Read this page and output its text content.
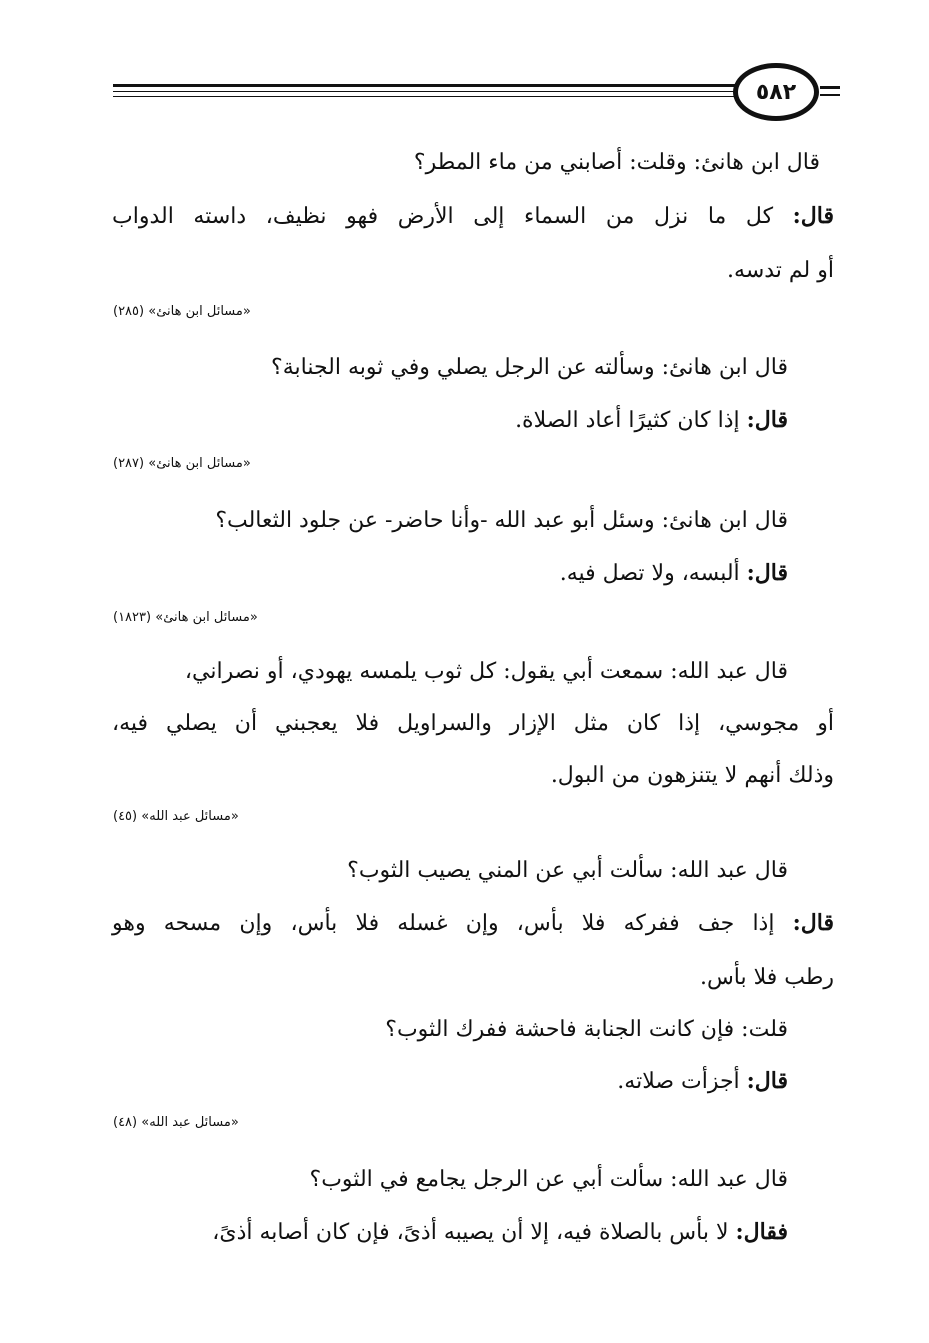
٥٨٢
قال ابن هانئ: وقلت: أصابني من ماء المطر؟
قال: كل ما نزل من السماء إلى الأرض فهو نظيف، داسته الدواب
أو لم تدسه.
«مسائل ابن هانئ» (٢٨٥)
قال ابن هانئ: وسألته عن الرجل يصلي وفي ثوبه الجنابة؟
قال: إذا كان كثيرًا أعاد الصلاة.
«مسائل ابن هانئ» (٢٨٧)
قال ابن هانئ: وسئل أبو عبد الله -وأنا حاضر- عن جلود الثعالب؟
قال: ألبسه، ولا تصل فيه.
«مسائل ابن هانئ» (١٨٢٣)
قال عبد الله: سمعت أبي يقول: كل ثوب يلمسه يهودي، أو نصراني،
أو مجوسي، إذا كان مثل الإزار والسراويل فلا يعجبني أن يصلي فيه،
وذلك أنهم لا يتنزهون من البول.
«مسائل عبد الله» (٤٥)
قال عبد الله: سألت أبي عن المني يصيب الثوب؟
قال: إذا جف ففركه فلا بأس، وإن غسله فلا بأس، وإن مسحه وهو
رطب فلا بأس.
قلت: فإن كانت الجنابة فاحشة ففرك الثوب؟
قال: أجزأت صلاته.
«مسائل عبد الله» (٤٨)
قال عبد الله: سألت أبي عن الرجل يجامع في الثوب؟
فقال: لا بأس بالصلاة فيه، إلا أن يصيبه أذىً، فإن كان أصابه أذىً،
